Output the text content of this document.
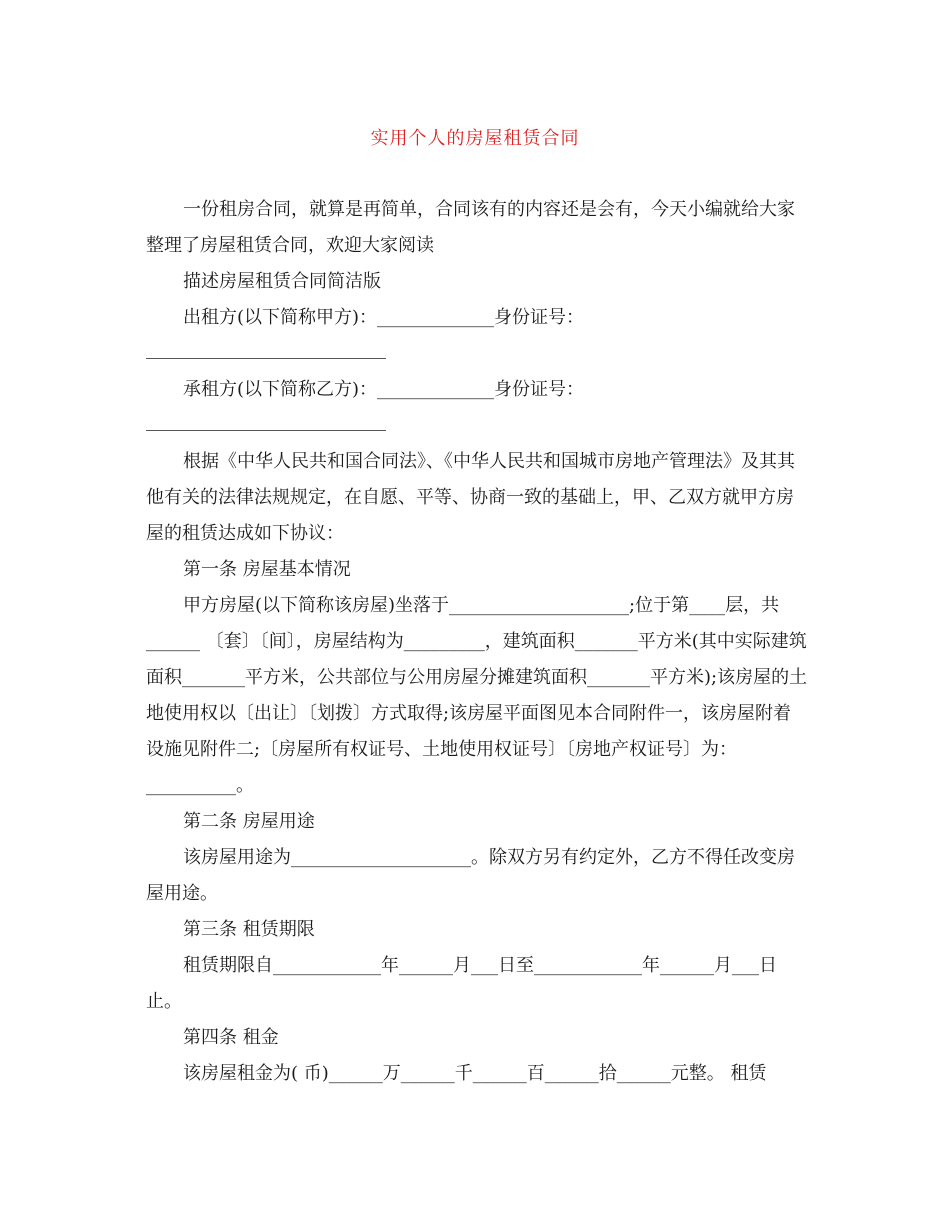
实用个人的房屋租赁合同

一份租房合同，就算是再简单，合同该有的内容还是会有，今天小编就给大家整理了房屋租赁合同，欢迎大家阅读

描述房屋租赁合同简洁版

出租方(以下简称甲方)：_____________身份证号：

承租方(以下简称乙方)：_____________身份证号：

根据《中华人民共和国合同法》、《中华人民共和国城市房地产管理法》及其其他有关的法律法规规定，在自愿、平等、协商一致的基础上，甲、乙双方就甲方房屋的租赁达成如下协议：

第一条 房屋基本情况

甲方房屋(以下简称该房屋)坐落于____________________;位于第____层，共______ 〔套〕〔间〕，房屋结构为_________，建筑面积_______平方米(其中实际建筑面积_______平方米，公共部位与公用房屋分摊建筑面积_______平方米);该房屋的土地使用权以〔出让〕〔划拨〕方式取得;该房屋平面图见本合同附件一，该房屋附着设施见附件二;〔房屋所有权证号、土地使用权证号〕〔房地产权证号〕为：__________。

第二条 房屋用途

该房屋用途为____________________。除双方另有约定外，乙方不得任改变房屋用途。

第三条 租赁期限

租赁期限自____________年______月___日至____________年______月___日止。

第四条 租金

该房屋租金为( 币)______万______千______百______拾______元整。 租赁
